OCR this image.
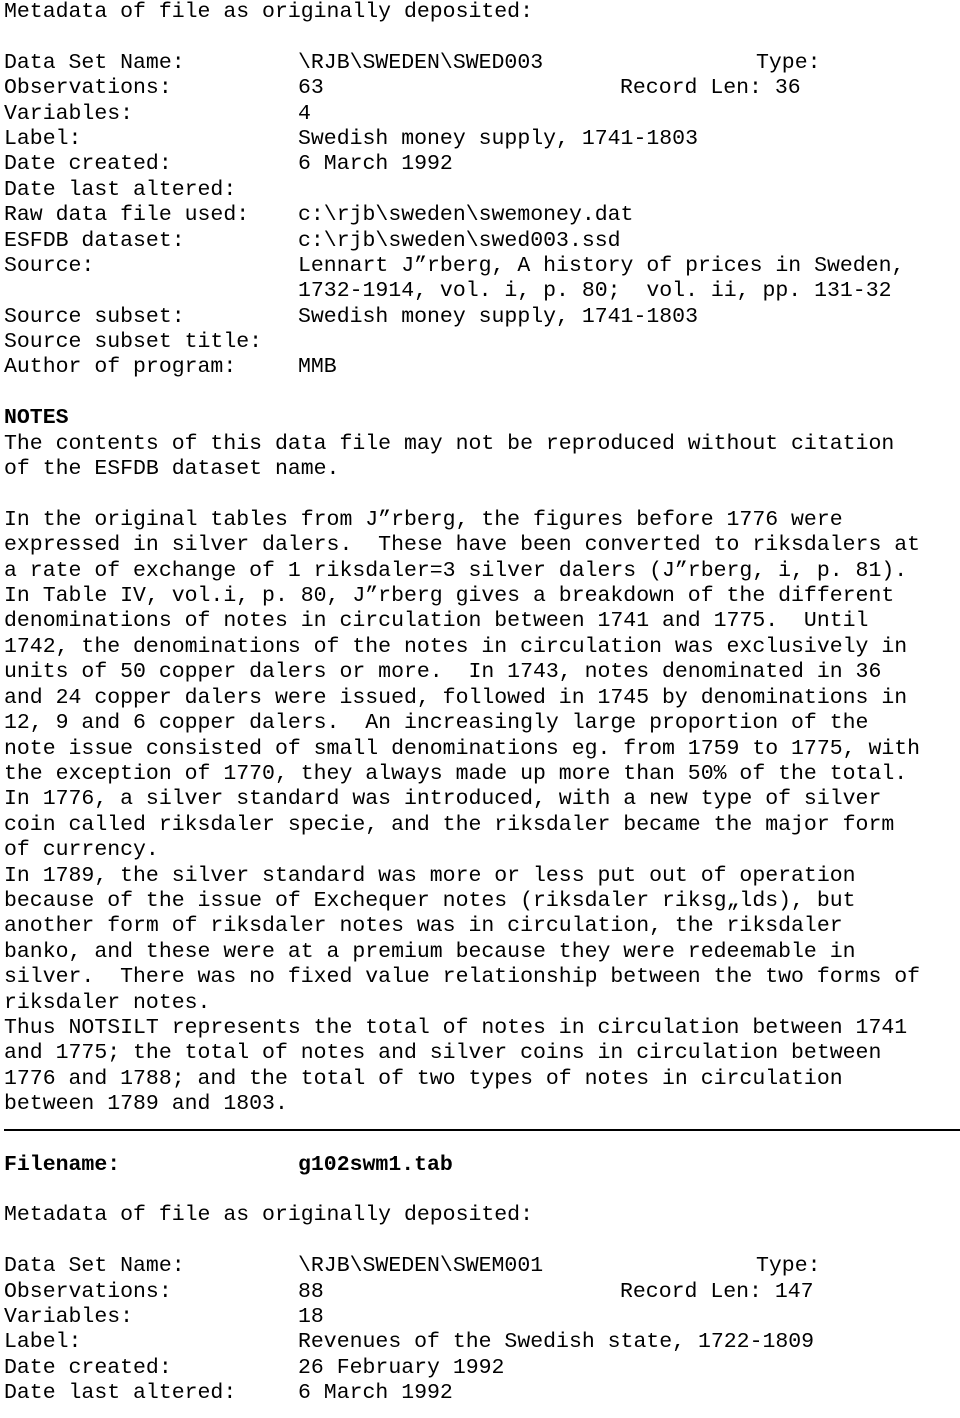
Metadata of file as originally deposited:
Data Set Name:	\RJB\SWEDEN\SWED003	Type:
Observations:	63	Record Len: 36
Variables:	4
Label:	Swedish money supply, 1741-1803
Date created:	6 March 1992
Date last altered:
Raw data file used:	c:\rjb\sweden\swemoney.dat
ESFDB dataset:	c:\rjb\sweden\swed003.ssd
Source:	Lennart J”rberg, A history of prices in Sweden,
1732-1914, vol. i, p. 80;  vol. ii, pp. 131-32
Source subset:	Swedish money supply, 1741-1803
Source subset title:
Author of program:	MMB
NOTES
The contents of this data file may not be reproduced without citation
of the ESFDB dataset name.
In the original tables from J”rberg, the figures before 1776 were
expressed in silver dalers.  These have been converted to riksdalers at
a rate of exchange of 1 riksdaler=3 silver dalers (J”rberg, i, p. 81).
In Table IV, vol.i, p. 80, J”rberg gives a breakdown of the different
denominations of notes in circulation between 1741 and 1775.  Until
1742, the denominations of the notes in circulation was exclusively in
units of 50 copper dalers or more.  In 1743, notes denominated in 36
and 24 copper dalers were issued, followed in 1745 by denominations in
12, 9 and 6 copper dalers.  An increasingly large proportion of the
note issue consisted of small denominations eg. from 1759 to 1775, with
the exception of 1770, they always made up more than 50% of the total.
In 1776, a silver standard was introduced, with a new type of silver
coin called riksdaler specie, and the riksdaler became the major form
of currency.
In 1789, the silver standard was more or less put out of operation
because of the issue of Exchequer notes (riksdaler riksg„lds), but
another form of riksdaler notes was in circulation, the riksdaler
banko, and these were at a premium because they were redeemable in
silver.  There was no fixed value relationship between the two forms of
riksdaler notes.
Thus NOTSILT represents the total of notes in circulation between 1741
and 1775; the total of notes and silver coins in circulation between
1776 and 1788; and the total of two types of notes in circulation
between 1789 and 1803.
Filename:	g102swm1.tab
Metadata of file as originally deposited:
Data Set Name:	\RJB\SWEDEN\SWEM001	Type:
Observations:	88	Record Len: 147
Variables:	18
Label:	Revenues of the Swedish state, 1722-1809
Date created:	26 February 1992
Date last altered:	6 March 1992
